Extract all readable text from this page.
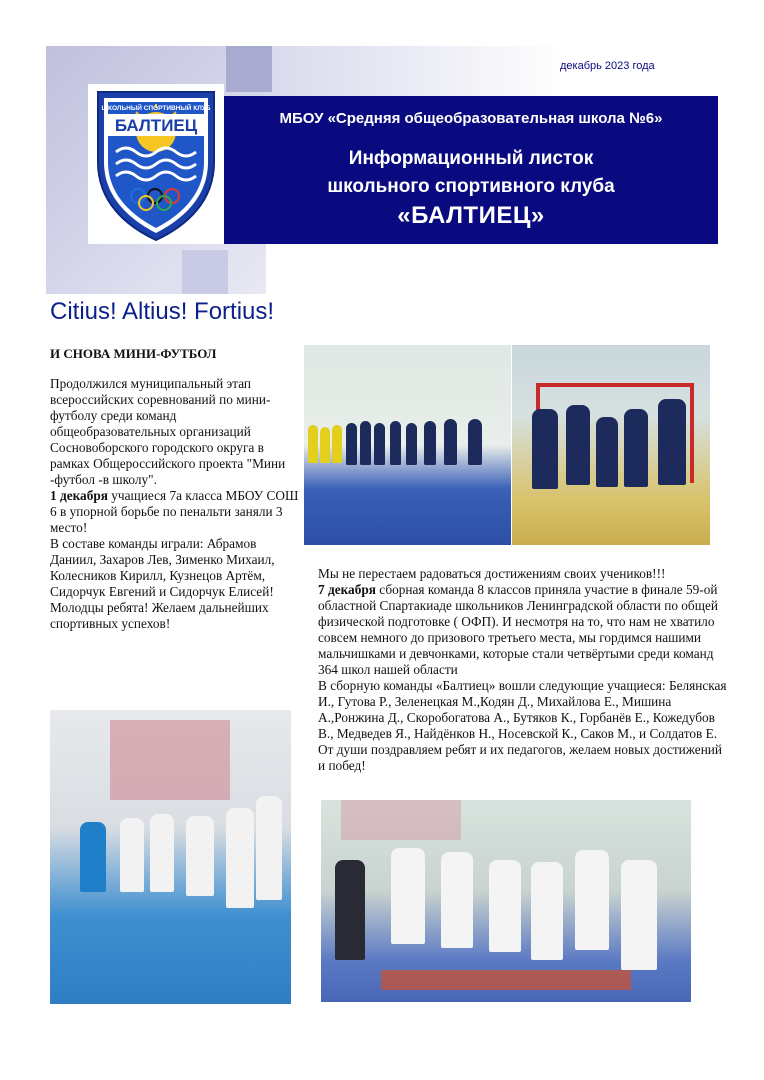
декабрь 2023 года
БАЛТИЕЦ
ШКОЛЬНЫЙ СПОРТИВНЫЙ КЛУБ
МБОУ «Средняя общеобразовательная школа №6»
Информационный листок
школьного спортивного клуба
«БАЛТИЕЦ»
Citius! Altius! Fortius!
И СНОВА МИНИ-ФУТБОЛ
Продолжился муниципальный этап всероссийских соревнований по мини-футболу среди команд общеобразовательных организаций Сосновоборского городского округа в рамках Общероссийского проекта "Мини -футбол -в школу".
1 декабря учащиеся 7а класса МБОУ СОШ 6 в упорной борьбе по пенальти заняли 3 место!
В составе команды играли: Абрамов Даниил, Захаров Лев, Зименко Михаил, Колесников Кирилл, Кузнецов Артём, Сидорчук Евгений и Сидорчук Елисей! Молодцы ребята! Желаем дальнейших спортивных успехов!
Мы не перестаем радоваться достижениям своих учеников!!!
7 декабря сборная команда 8 классов приняла участие в финале 59-ой областной Спартакиаде школьников Ленинградской области по общей физической подготовке ( ОФП). И несмотря на то, что нам не хватило совсем немного до призового третьего места, мы гордимся нашими мальчишками и девчонками, которые стали четвёртыми среди команд 364 школ нашей области
В сборную команды «Балтиец» вошли следующие учащиеся: Белянская И., Гутова Р., Зеленецкая М.,Кодян Д., Михайлова Е., Мишина А.,Ронжина Д., Скоробогатова А., Бутяков К., Горбанёв Е., Кожедубов В., Медведев Я., Найдёнков Н., Носевской К., Саков М., и Солдатов Е.
От души поздравляем ребят и их педагогов, желаем новых достижений и побед!
